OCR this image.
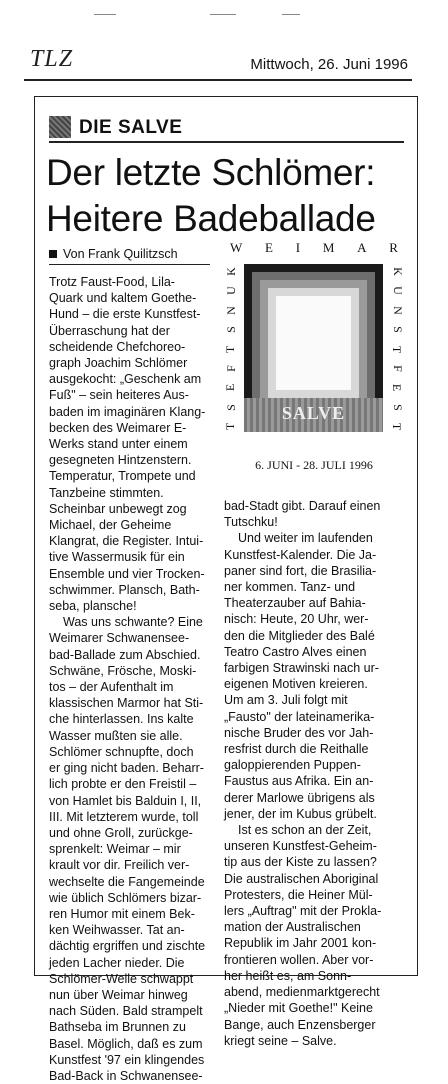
TLZ	Mittwoch, 26. Juni 1996
DIE SALVE
Der letzte Schlömer:
Heitere Badeballade
Von Frank Quilitzsch

Trotz Faust-Food, Lila-

Quark und kaltem Goethe-

Hund – die erste Kunstfest-

Überraschung hat der

scheidende Chefchoreo-

graph Joachim Schlömer

ausgekocht: „Geschenk am

Fuß" – sein heiteres Aus-

baden im imaginären Klang-

becken des Weimarer E-

Werks stand unter einem

gesegneten Hintzenstern.

Temperatur, Trompete und

Tanzbeine stimmten.

Scheinbar unbewegt zog

Michael, der Geheime

Klangrat, die Register. Intui-

tive Wassermusik für ein

Ensemble und vier Trocken-

schwimmer. Plansch, Bath-

seba, plansche!

Was uns schwante? Eine

Weimarer Schwanensee-

bad-Ballade zum Abschied.

Schwäne, Frösche, Moski-

tos – der Aufenthalt im

klassischen Marmor hat Sti-

che hinterlassen. Ins kalte

Wasser mußten sie alle.

Schlömer schnupfte, doch

er ging nicht baden. Beharr-

lich probte er den Freistil –

von Hamlet bis Balduin I, II,

III. Mit letzterem wurde, toll

und ohne Groll, zurückge-

sprenkelt: Weimar – mir

krault vor dir. Freilich ver-

wechselte die Fangemeinde

wie üblich Schlömers bizar-

ren Humor mit einem Bek-

ken Weihwasser. Tat an-

dächtig ergriffen und zischte

jeden Lacher nieder. Die

Schlömer-Welle schwappt

nun über Weimar hinweg

nach Süden. Bald strampelt

Bathseba im Brunnen zu

Basel. Möglich, daß es zum

Kunstfest '97 ein klingendes

Bad-Back in Schwanensee-

W E I M A R
K
U
N
S
T
F
E
S
T
K
U
N
S
T
F
E
S
T
SALVE
6. JUNI - 28. JULI 1996

bad-Stadt gibt. Darauf einen

Tutschku!

Und weiter im laufenden

Kunstfest-Kalender. Die Ja-

paner sind fort, die Brasilia-

ner kommen. Tanz- und

Theaterzauber auf Bahia-

nisch: Heute, 20 Uhr, wer-

den die Mitglieder des Balé

Teatro Castro Alves einen

farbigen Strawinski nach ur-

eigenen Motiven kreieren.

Um am 3. Juli folgt mit

„Fausto" der lateinamerika-

nische Bruder des vor Jah-

resfrist durch die Reithalle

galoppierenden Puppen-

Faustus aus Afrika. Ein an-

derer Marlowe übrigens als

jener, der im Kubus grübelt.

Ist es schon an der Zeit,

unseren Kunstfest-Geheim-

tip aus der Kiste zu lassen?

Die australischen Aboriginal

Protesters, die Heiner Mül-

lers „Auftrag" mit der Prokla-

mation der Australischen

Republik im Jahr 2001 kon-

frontieren wollen. Aber vor-

her heißt es, am Sonn-

abend, medienmarktgerecht

„Nieder mit Goethe!" Keine

Bange, auch Enzensberger

kriegt seine – Salve.
